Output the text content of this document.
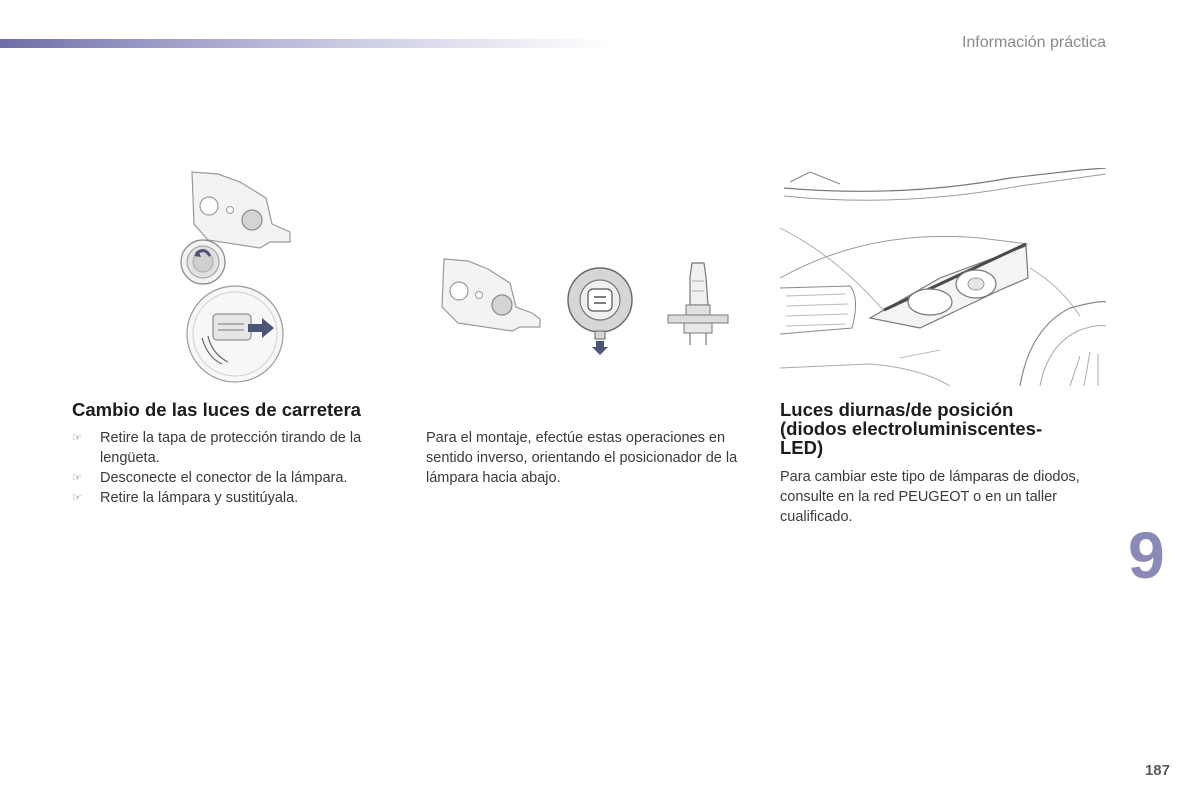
Información práctica
Cambio de las luces de carretera
☞ Retire la tapa de protección tirando de la lengüeta.
☞ Desconecte el conector de la lámpara.
☞ Retire la lámpara y sustitúyala.

Para el montaje, efectúe estas operaciones en sentido inverso, orientando el posicionador de la lámpara hacia abajo.

Luces diurnas/de posición (diodos electroluminiscentes-LED)

Para cambiar este tipo de lámparas de diodos, consulte en la red PEUGEOT o en un taller cualificado.

9
187
